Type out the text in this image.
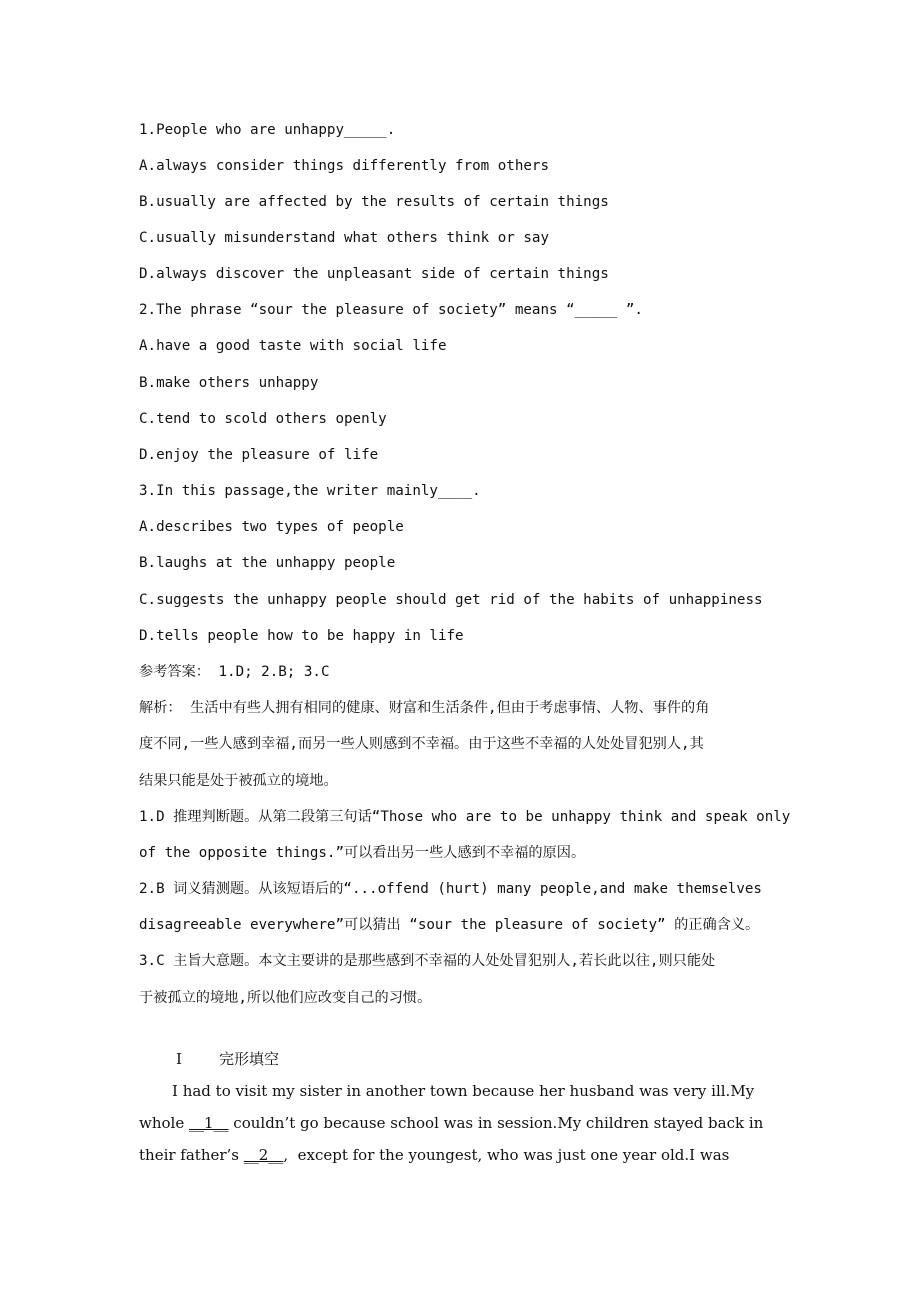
1.People who are unhappy_____.
A.always consider things differently from others
B.usually are affected by the results of certain things
C.usually misunderstand what others think or say
D.always discover the unpleasant side of certain things
2.The phrase “sour the pleasure of society” means “_____ ”.
A.have a good taste with social life
B.make others unhappy
C.tend to scold others openly
D.enjoy the pleasure of life
3.In this passage,the writer mainly____.
A.describes two types of people
B.laughs at the unhappy people
C.suggests the unhappy people should get rid of the habits of unhappiness
D.tells people how to be happy in life
参考答案： 1.D; 2.B; 3.C
解析： 生活中有些人拥有相同的健康、财富和生活条件,但由于考虑事情、人物、事件的角
度不同,一些人感到幸福,而另一些人则感到不幸福。由于这些不幸福的人处处冒犯别人,其
结果只能是处于被孤立的境地。
1.D 推理判断题。从第二段第三句话“Those who are to be unhappy think and speak only
of the opposite things.”可以看出另一些人感到不幸福的原因。
2.B 词义猜测题。从该短语后的“...offend (hurt) many people,and make themselves
disagreeable everywhere”可以猜出 “sour the pleasure of society” 的正确含义。
3.C 主旨大意题。本文主要讲的是那些感到不幸福的人处处冒犯别人,若长此以往,则只能处
于被孤立的境地,所以他们应改变自己的习惯。
I 完形填空
I had to visit my sister in another town because her husband was very ill.My
whole __1__ couldn’t go because school was in session.My children stayed back in
their father’s __2__,  except for the youngest, who was just one year old.I was
